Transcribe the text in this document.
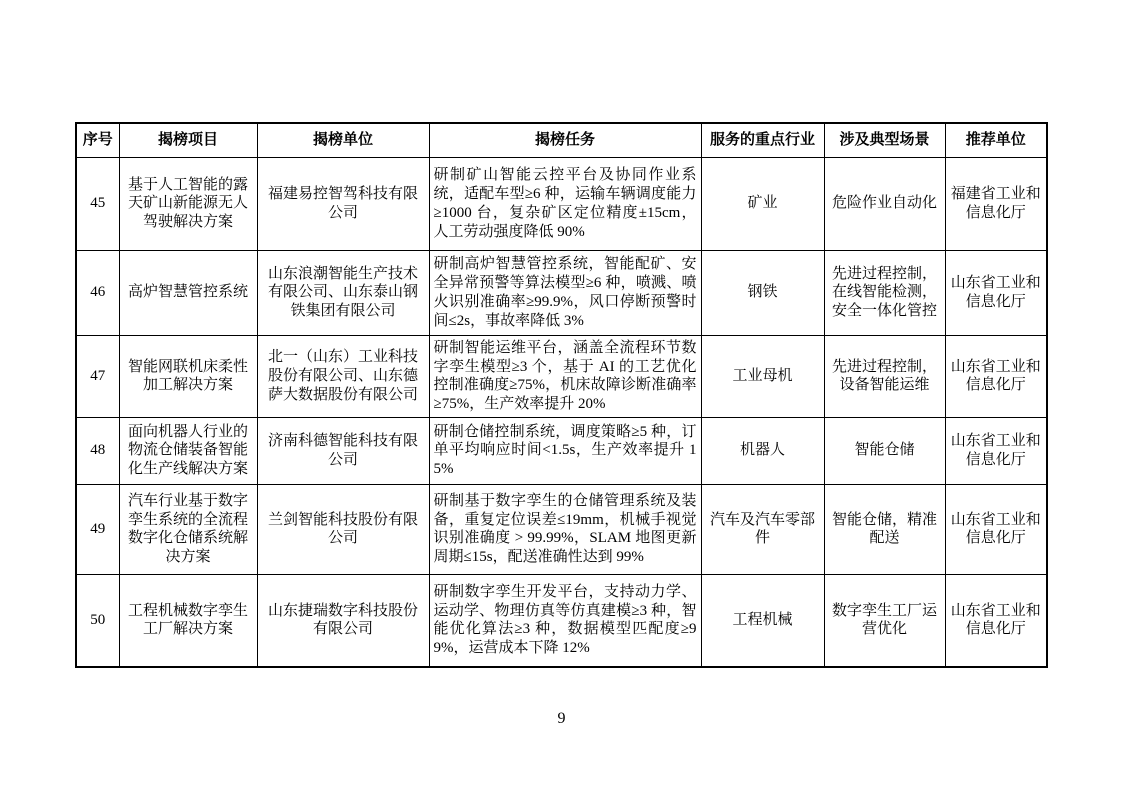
序号	揭榜项目	揭榜单位	揭榜任务	服务的重点行业	涉及典型场景	推荐单位
45	基于人工智能的露天矿山新能源无人驾驶解决方案	福建易控智驾科技有限公司	研制矿山智能云控平台及协同作业系统，适配车型≥6 种，运输车辆调度能力≥1000 台，复杂矿区定位精度±15cm，人工劳动强度降低 90%	矿业	危险作业自动化	福建省工业和信息化厅
46	高炉智慧管控系统	山东浪潮智能生产技术有限公司、山东泰山钢铁集团有限公司	研制高炉智慧管控系统，智能配矿、安全异常预警等算法模型≥6 种，喷溅、喷火识别准确率≥99.9%，风口停断预警时间≤2s，事故率降低 3%	钢铁	先进过程控制，在线智能检测，安全一体化管控	山东省工业和信息化厅
47	智能网联机床柔性加工解决方案	北一（山东）工业科技股份有限公司、山东德萨大数据股份有限公司	研制智能运维平台，涵盖全流程环节数字孪生模型≥3 个，基于 AI 的工艺优化控制准确度≥75%，机床故障诊断准确率≥75%，生产效率提升 20%	工业母机	先进过程控制，设备智能运维	山东省工业和信息化厅
48	面向机器人行业的物流仓储装备智能化生产线解决方案	济南科德智能科技有限公司	研制仓储控制系统，调度策略≥5 种，订单平均响应时间<1.5s，生产效率提升 15%	机器人	智能仓储	山东省工业和信息化厅
49	汽车行业基于数字孪生系统的全流程数字化仓储系统解决方案	兰剑智能科技股份有限公司	研制基于数字孪生的仓储管理系统及装备，重复定位误差≤19mm，机械手视觉识别准确度 > 99.99%，SLAM 地图更新周期≤15s，配送准确性达到 99%	汽车及汽车零部件	智能仓储，精准配送	山东省工业和信息化厅
50	工程机械数字孪生工厂解决方案	山东捷瑞数字科技股份有限公司	研制数字孪生开发平台，支持动力学、运动学、物理仿真等仿真建模≥3 种，智能优化算法≥3 种，数据模型匹配度≥99%，运营成本下降 12%	工程机械	数字孪生工厂运营优化	山东省工业和信息化厅
9
